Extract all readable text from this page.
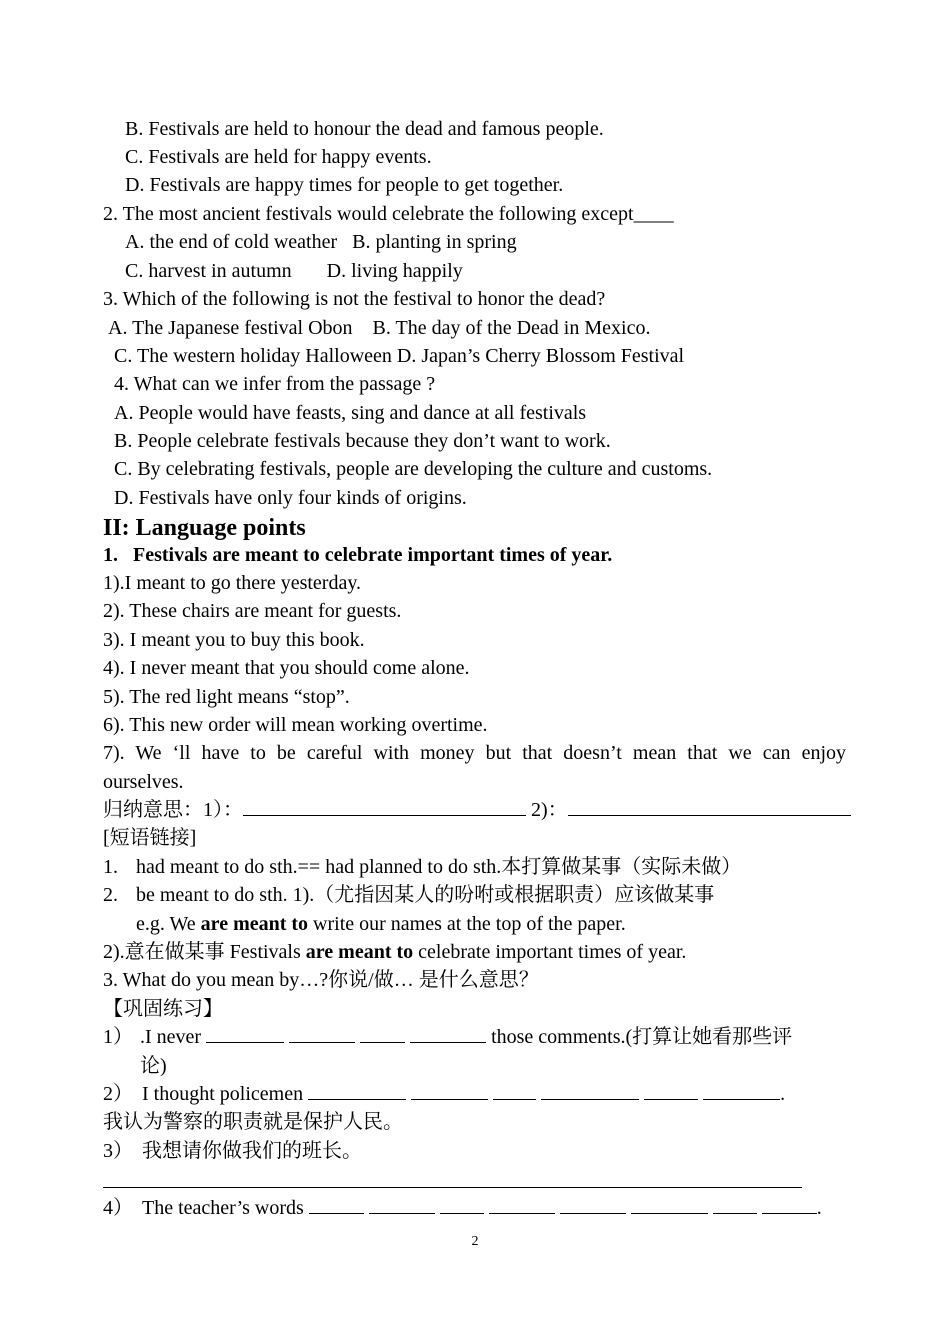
B. Festivals are held to honour the dead and famous people.
C. Festivals are held for happy events.
D. Festivals are happy times for people to get together.
2. The most ancient festivals would celebrate the following except____
A. the end of cold weather   B. planting in spring
C. harvest in autumn       D. living happily
3. Which of the following is not the festival to honor the dead?
A. The Japanese festival Obon    B. The day of the Dead in Mexico.
C. The western holiday Halloween D. Japan’s Cherry Blossom Festival
4. What can we infer from the passage ?
A. People would have feasts, sing and dance at all festivals
B. People celebrate festivals because they don’t want to work.
C. By celebrating festivals, people are developing the culture and customs.
D. Festivals have only four kinds of origins.
II: Language points
1.   Festivals are meant to celebrate important times of year.
1).I meant to go there yesterday.
2). These chairs are meant for guests.
3). I meant you to buy this book.
4). I never meant that you should come alone.
5). The red light means “stop”.
6). This new order will mean working overtime.
7). We ‘ll have to be careful with money but that doesn’t mean that we can enjoy
ourselves.
归纳意思：1）：	2)：
[短语链接]
1. had meant to do sth.== had planned to do sth.本打算做某事（实际未做）
2. be meant to do sth. 1).（尤指因某人的吩咐或根据职责）应该做某事
e.g. We are meant to write our names at the top of the paper.
2).意在做某事 Festivals are meant to celebrate important times of year.
3. What do you mean by…?你说/做… 是什么意思？
【巩固练习】
1） .I never	those comments.(打算让她看那些评
论)
2） I thought policemen	.
我认为警察的职责就是保护人民。
3） 我想请你做我们的班长。
4） The teacher’s words	.
2
